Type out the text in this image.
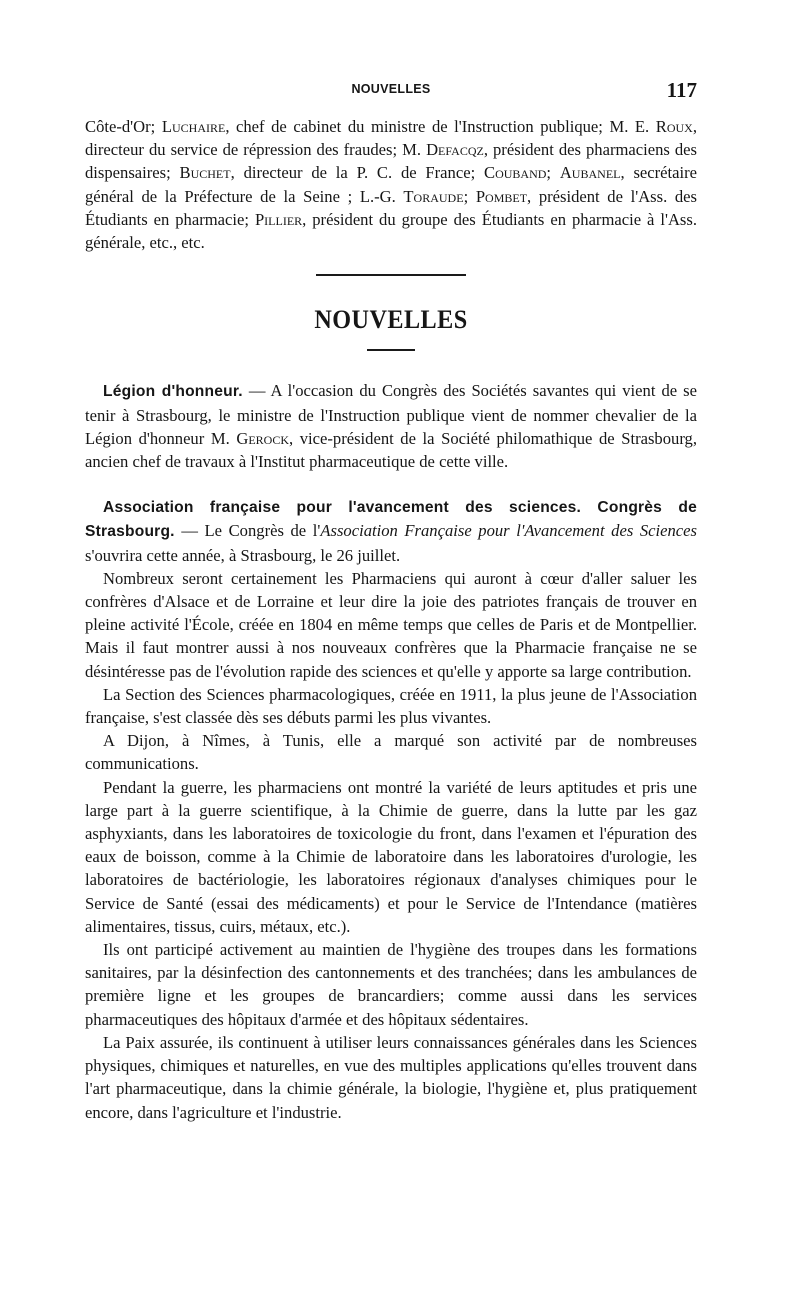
NOUVELLES	117

Côte-d'Or; Luchaire, chef de cabinet du ministre de l'Instruction publique; M. E. Roux, directeur du service de répression des fraudes; M. Defacqz, président des pharmaciens des dispensaires; Buchet, directeur de la P. C. de France; Couband; Aubanel, secrétaire général de la Préfecture de la Seine ; L.-G. Toraude; Pombet, président de l'Ass. des Étudiants en pharmacie; Pillier, président du groupe des Étudiants en pharmacie à l'Ass. générale, etc., etc.

NOUVELLES

Légion d'honneur. — A l'occasion du Congrès des Sociétés savantes qui vient de se tenir à Strasbourg, le ministre de l'Instruction publique vient de nommer chevalier de la Légion d'honneur M. Gerock, vice-président de la Société philomathique de Strasbourg, ancien chef de travaux à l'Institut pharmaceutique de cette ville.

Association française pour l'avancement des sciences. Congrès de Strasbourg. — Le Congrès de l'Association Française pour l'Avancement des Sciences s'ouvrira cette année, à Strasbourg, le 26 juillet.

Nombreux seront certainement les Pharmaciens qui auront à cœur d'aller saluer les confrères d'Alsace et de Lorraine et leur dire la joie des patriotes français de trouver en pleine activité l'École, créée en 1804 en même temps que celles de Paris et de Montpellier. Mais il faut montrer aussi à nos nouveaux confrères que la Pharmacie française ne se désintéresse pas de l'évolution rapide des sciences et qu'elle y apporte sa large contribution.

La Section des Sciences pharmacologiques, créée en 1911, la plus jeune de l'Association française, s'est classée dès ses débuts parmi les plus vivantes.

A Dijon, à Nîmes, à Tunis, elle a marqué son activité par de nombreuses communications.

Pendant la guerre, les pharmaciens ont montré la variété de leurs aptitudes et pris une large part à la guerre scientifique, à la Chimie de guerre, dans la lutte par les gaz asphyxiants, dans les laboratoires de toxicologie du front, dans l'examen et l'épuration des eaux de boisson, comme à la Chimie de laboratoire dans les laboratoires d'urologie, les laboratoires de bactériologie, les laboratoires régionaux d'analyses chimiques pour le Service de Santé (essai des médicaments) et pour le Service de l'Intendance (matières alimentaires, tissus, cuirs, métaux, etc.).

Ils ont participé activement au maintien de l'hygiène des troupes dans les formations sanitaires, par la désinfection des cantonnements et des tranchées; dans les ambulances de première ligne et les groupes de brancardiers; comme aussi dans les services pharmaceutiques des hôpitaux d'armée et des hôpitaux sédentaires.

La Paix assurée, ils continuent à utiliser leurs connaissances générales dans les Sciences physiques, chimiques et naturelles, en vue des multiples applications qu'elles trouvent dans l'art pharmaceutique, dans la chimie générale, la biologie, l'hygiène et, plus pratiquement encore, dans l'agriculture et l'industrie.
